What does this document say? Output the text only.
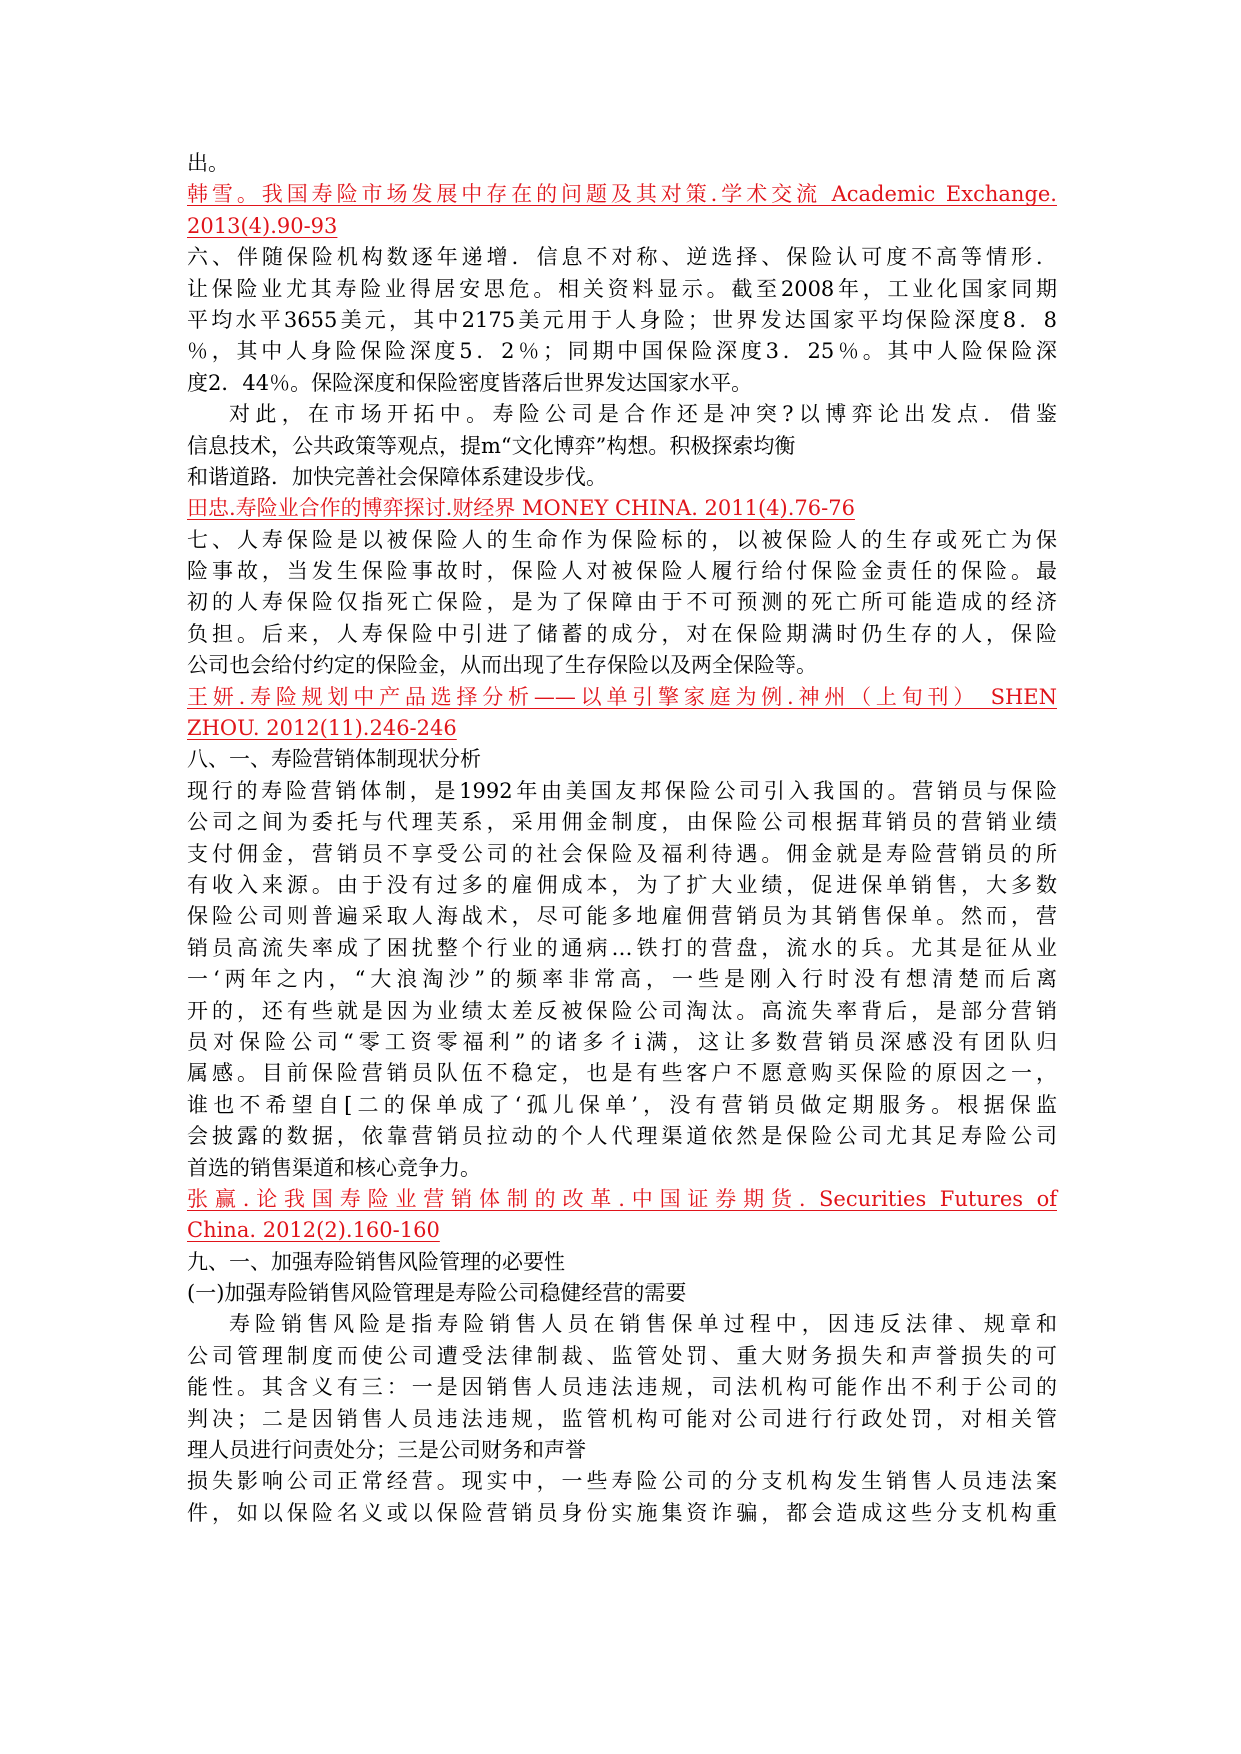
出。
韩雪。我国寿险市场发展中存在的问题及其对策.学术交流 Academic Exchange.
2013(4).90-93
六、伴随保险机构数逐年递增．信息不对称、逆选择、保险认可度不高等情形．
让保险业尤其寿险业得居安思危。相关资料显示。截至2008年，工业化国家同期
平均水平3655美元，其中2175美元用于人身险；世界发达国家平均保险深度8．8
％，其中人身险保险深度5．2％；同期中国保险深度3．25％。其中人险保险深
度2．44％。保险深度和保险密度皆落后世界发达国家水平。
对此，在市场开拓中。寿险公司是合作还是冲突?以博弈论出发点．借鉴
信息技术，公共政策等观点，提m“文化博弈”构想。积极探索均衡
和谐道路．加快完善社会保障体系建设步伐。
田忠.寿险业合作的博弈探讨.财经界 MONEY CHINA. 2011(4).76-76
七、人寿保险是以被保险人的生命作为保险标的，以被保险人的生存或死亡为保
险事故，当发生保险事故时，保险人对被保险人履行给付保险金责任的保险。最
初的人寿保险仅指死亡保险，是为了保障由于不可预测的死亡所可能造成的经济
负担。后来，人寿保险中引进了储蓄的成分，对在保险期满时仍生存的人，保险
公司也会给付约定的保险金，从而出现了生存保险以及两全保险等。
王妍.寿险规划中产品选择分析——以单引擎家庭为例.神州（上旬刊） SHEN
ZHOU. 2012(11).246-246
八、一、寿险营销体制现状分析
现行的寿险营销体制，是1992年由美国友邦保险公司引入我国的。营销员与保险
公司之间为委托与代理芙系，采用佣金制度，由保险公司根据茸销员的营销业绩
支付佣金，营销员不享受公司的社会保险及福利待遇。佣金就是寿险营销员的所
有收入来源。由于没有过多的雇佣成本，为了扩大业绩，促进保单销售，大多数
保险公司则普遍采取人海战术，尽可能多地雇佣营销员为其销售保单。然而，营
销员高流失率成了困扰整个行业的通病…铁打的营盘，流水的兵。尤其是征从业
一‘两年之内，“大浪淘沙”的频率非常高，一些是刚入行时没有想清楚而后离
开的，还有些就是因为业绩太差反被保险公司淘汰。高流失率背后，是部分营销
员对保险公司“零工资零福利”的诸多彳i满，这让多数营销员深感没有团队归
属感。目前保险营销员队伍不稳定，也是有些客户不愿意购买保险的原因之一，
谁也不希望自[二的保单成了‘孤儿保单’，没有营销员做定期服务。根据保监
会披露的数据，依靠营销员拉动的个人代理渠道依然是保险公司尤其足寿险公司
首选的销售渠道和核心竞争力。
张赢.论我国寿险业营销体制的改革.中国证券期货. Securities Futures of
China. 2012(2).160-160
九、一、加强寿险销售风险管理的必要性
(一)加强寿险销售风险管理是寿险公司稳健经营的需要
寿险销售风险是指寿险销售人员在销售保单过程中，因违反法律、规章和
公司管理制度而使公司遭受法律制裁、监管处罚、重大财务损失和声誉损失的可
能性。其含义有三：一是因销售人员违法违规，司法机构可能作出不利于公司的
判决；二是因销售人员违法违规，监管机构可能对公司进行行政处罚，对相关管
理人员进行问责处分；三是公司财务和声誉
损失影响公司正常经营。现实中，一些寿险公司的分支机构发生销售人员违法案
件，如以保险名义或以保险营销员身份实施集资诈骗，都会造成这些分支机构重
